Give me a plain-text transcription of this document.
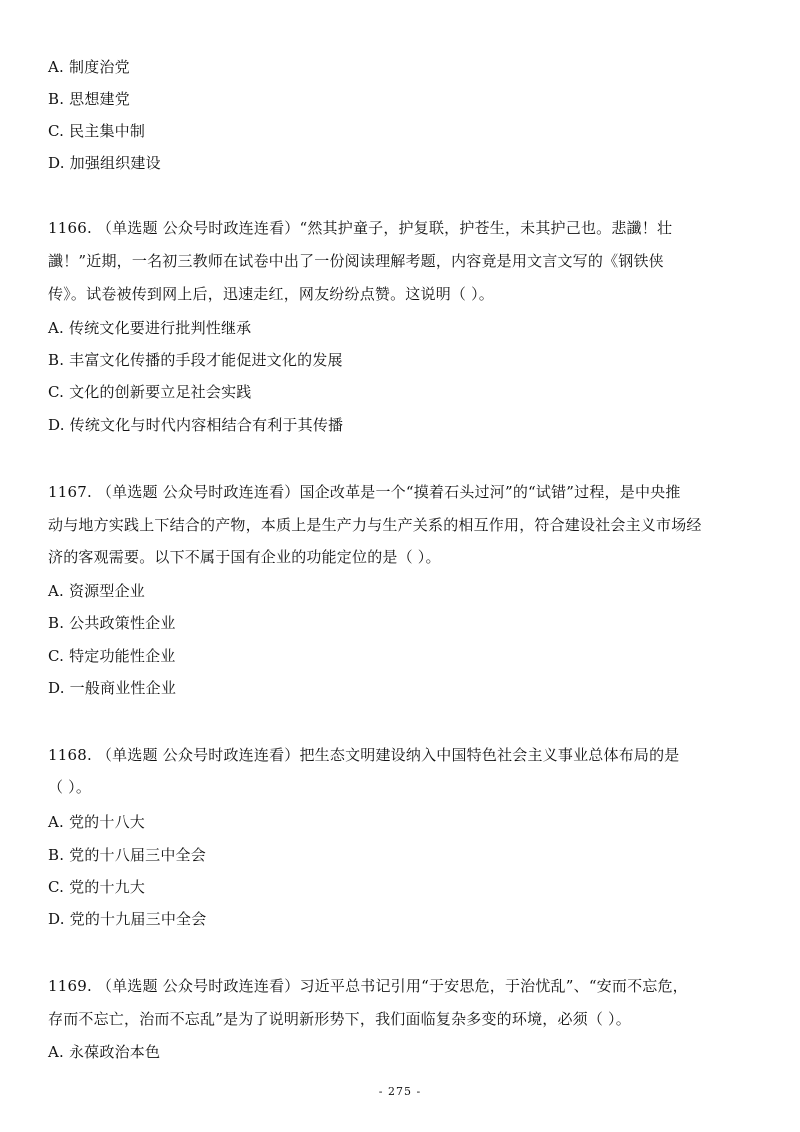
A. 制度治党
B. 思想建党
C. 民主集中制
D. 加强组织建设
1166. （单选题 公众号时政连连看）“然其护童子，护复联，护苍生，未其护己也。悲讖！壮
讖！”近期，一名初三教师在试卷中出了一份阅读理解考题，内容竟是用文言文写的《钢铁侠
传》。试卷被传到网上后，迅速走红，网友纷纷点赞。这说明（ ）。
A. 传统文化要进行批判性继承
B. 丰富文化传播的手段才能促进文化的发展
C. 文化的创新要立足社会实践
D. 传统文化与时代内容相结合有利于其传播
1167. （单选题 公众号时政连连看）国企改革是一个“摸着石头过河”的“试错”过程，是中央推
动与地方实践上下结合的产物，本质上是生产力与生产关系的相互作用，符合建设社会主义市场经
济的客观需要。以下不属于国有企业的功能定位的是（ ）。
A. 资源型企业
B. 公共政策性企业
C. 特定功能性企业
D. 一般商业性企业
1168. （单选题 公众号时政连连看）把生态文明建设纳入中国特色社会主义事业总体布局的是
（ ）。
A. 党的十八大
B. 党的十八届三中全会
C. 党的十九大
D. 党的十九届三中全会
1169. （单选题 公众号时政连连看）习近平总书记引用“于安思危，于治忧乱”、“安而不忘危，
存而不忘亡，治而不忘乱”是为了说明新形势下，我们面临复杂多变的环境，必须（ ）。
A. 永葆政治本色
- 275 -
